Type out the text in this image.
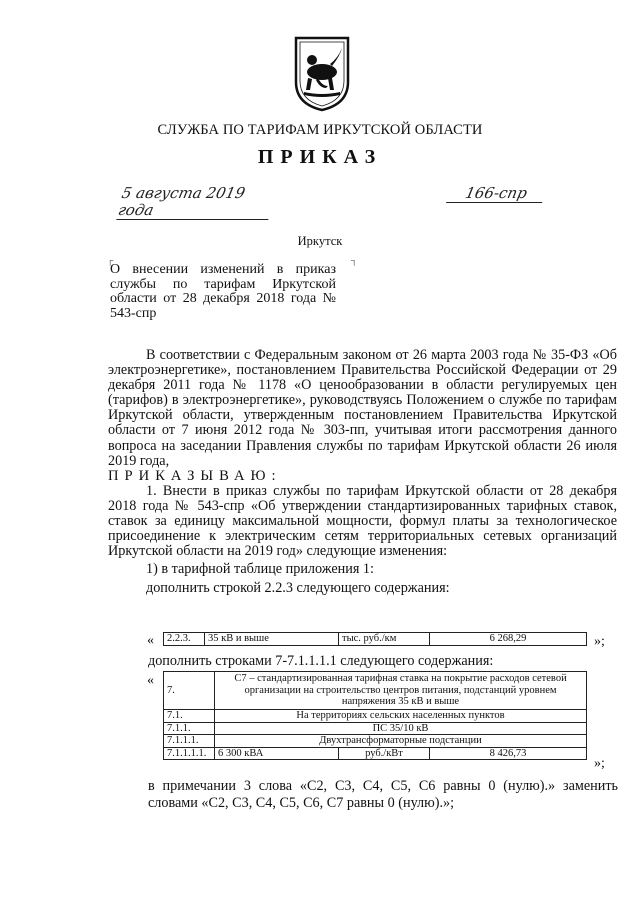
СЛУЖБА ПО ТАРИФАМ ИРКУТСКОЙ ОБЛАСТИ
ПРИКАЗ
5 августа 2019 года
166-спр
Иркутск
┌	┐
О внесении изменений в приказ службы по тарифам Иркутской области от 28 декабря 2018 года № 543-спр

В соответствии с Федеральным законом от 26 марта 2003 года № 35-ФЗ «Об электроэнергетике», постановлением Правительства Российской Федерации от 29 декабря 2011 года № 1178 «О ценообразовании в области регулируемых цен (тарифов) в электроэнергетике», руководствуясь Положением о службе по тарифам Иркутской области, утвержденным постановлением Правительства Иркутской области от 7 июня 2012 года № 303-пп, учитывая итоги рассмотрения данного вопроса на заседании Правления службы по тарифам Иркутской области 26 июля 2019 года,

ПРИКАЗЫВАЮ:

1. Внести в приказ службы по тарифам Иркутской области от 28 декабря 2018 года № 543-спр «Об утверждении стандартизированных тарифных ставок, ставок за единицу максимальной мощности, формул платы за технологическое присоединение к электрическим сетям территориальных сетевых организаций Иркутской области на 2019 год» следующие изменения:

1) в тарифной таблице приложения 1:

дополнить строкой 2.2.3 следующего содержания:

« 2.2.3.	35 кВ и выше	тыс. руб./км	6 268,29	»;
дополнить строками 7-7.1.1.1.1 следующего содержания:
«
7.	С7 – стандартизированная тарифная ставка на покрытие расходов сетевой организации на строительство центров питания, подстанций уровнем напряжения 35 кВ и выше		
7.1.	На территориях сельских населенных пунктов		
7.1.1.	ПС 35/10 кВ		
7.1.1.1.	Двухтрансформаторные подстанции		
7.1.1.1.1.	6 300 кВА	руб./кВт	8 426,73
»;

в примечании 3 слова «С2, С3, С4, С5, С6 равны 0 (нулю).» заменить словами «С2, С3, С4, С5, С6, С7 равны 0 (нулю).»;
